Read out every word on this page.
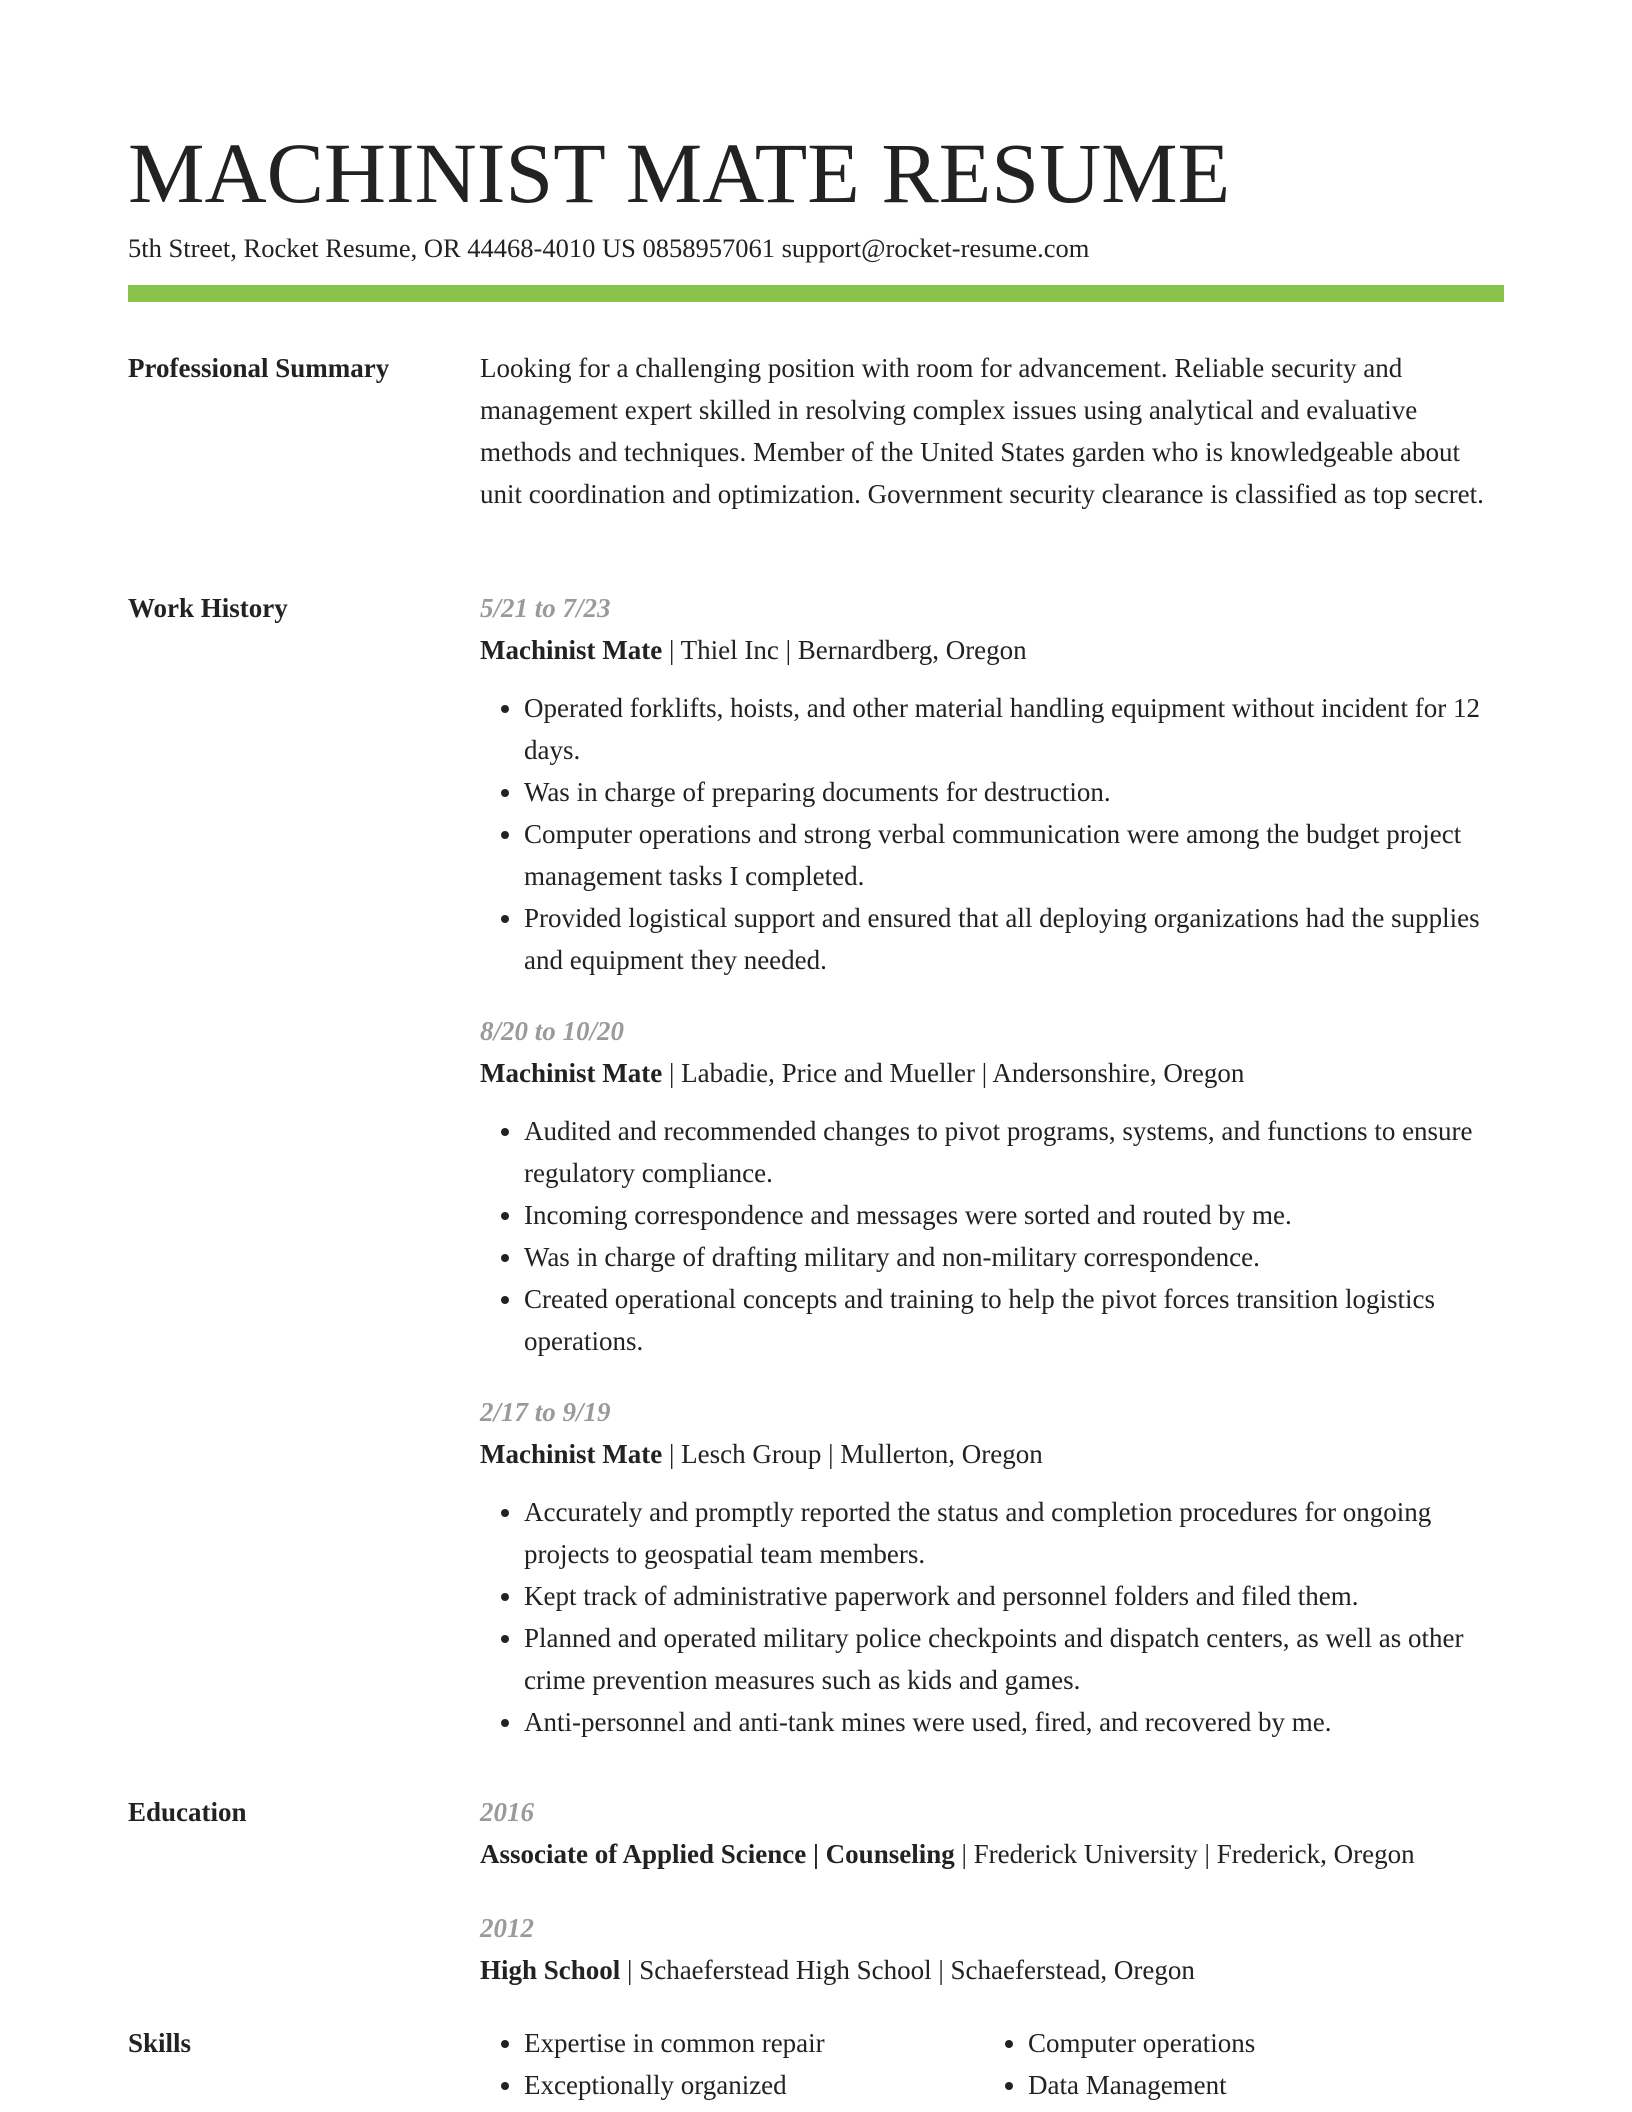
MACHINIST MATE RESUME
5th Street, Rocket Resume, OR 44468-4010 US 0858957061 support@rocket-resume.com
Professional Summary	Looking for a challenging position with room for advancement. Reliable security and management expert skilled in resolving complex issues using analytical and evaluative methods and techniques. Member of the United States garden who is knowledgeable about unit coordination and optimization. Government security clearance is classified as top secret.

Work History	5/21 to 7/23

Machinist Mate | Thiel Inc | Bernardberg, Oregon

• Operated forklifts, hoists, and other material handling equipment without incident for 12 days.
• Was in charge of preparing documents for destruction.
• Computer operations and strong verbal communication were among the budget project management tasks I completed.
• Provided logistical support and ensured that all deploying organizations had the supplies and equipment they needed.

8/20 to 10/20

Machinist Mate | Labadie, Price and Mueller | Andersonshire, Oregon

• Audited and recommended changes to pivot programs, systems, and functions to ensure regulatory compliance.
• Incoming correspondence and messages were sorted and routed by me.
• Was in charge of drafting military and non-military correspondence.
• Created operational concepts and training to help the pivot forces transition logistics operations.

2/17 to 9/19

Machinist Mate | Lesch Group | Mullerton, Oregon

• Accurately and promptly reported the status and completion procedures for ongoing projects to geospatial team members.
• Kept track of administrative paperwork and personnel folders and filed them.
• Planned and operated military police checkpoints and dispatch centers, as well as other crime prevention measures such as kids and games.
• Anti-personnel and anti-tank mines were used, fired, and recovered by me.
Education	2016

Associate of Applied Science | Counseling | Frederick University | Frederick, Oregon

2012

High School | Schaeferstead High School | Schaeferstead, Oregon

Skills
•	Expertise in common repair
• Exceptionally organized
• Computer operations
• Data Management
